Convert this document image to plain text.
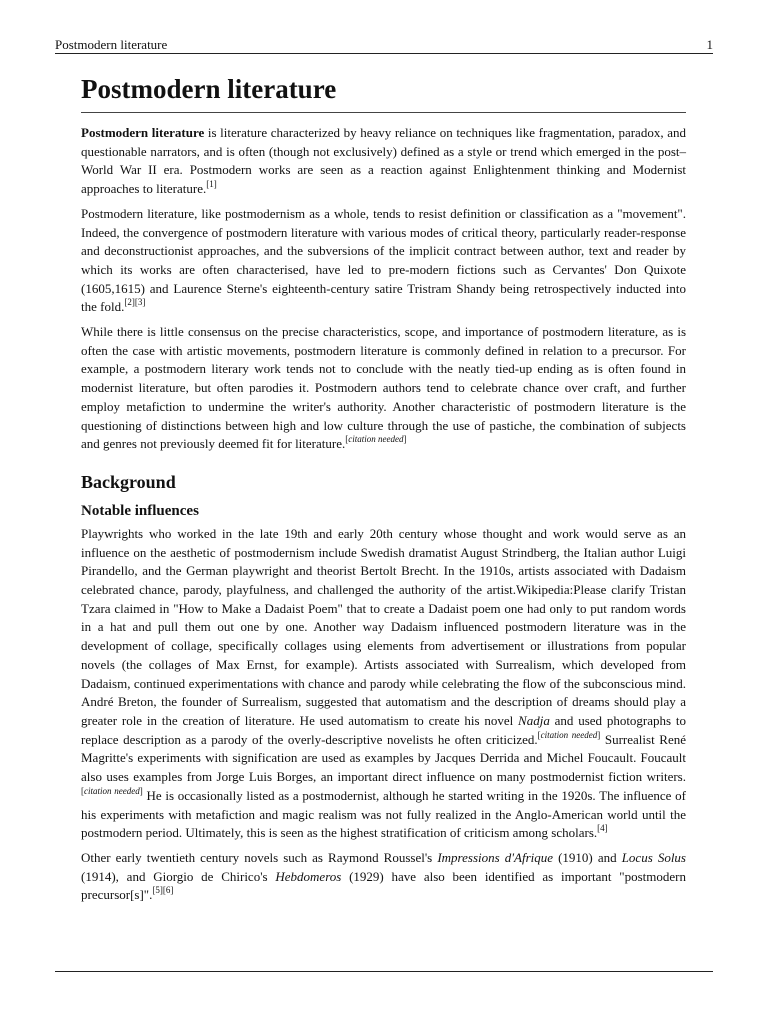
Postmodern literature	1
Postmodern literature

Postmodern literature is literature characterized by heavy reliance on techniques like fragmentation, paradox, and questionable narrators, and is often (though not exclusively) defined as a style or trend which emerged in the post–World War II era. Postmodern works are seen as a reaction against Enlightenment thinking and Modernist approaches to literature.[1]

Postmodern literature, like postmodernism as a whole, tends to resist definition or classification as a "movement". Indeed, the convergence of postmodern literature with various modes of critical theory, particularly reader-response and deconstructionist approaches, and the subversions of the implicit contract between author, text and reader by which its works are often characterised, have led to pre-modern fictions such as Cervantes' Don Quixote (1605,1615) and Laurence Sterne's eighteenth-century satire Tristram Shandy being retrospectively inducted into the fold.[2][3]

While there is little consensus on the precise characteristics, scope, and importance of postmodern literature, as is often the case with artistic movements, postmodern literature is commonly defined in relation to a precursor. For example, a postmodern literary work tends not to conclude with the neatly tied-up ending as is often found in modernist literature, but often parodies it. Postmodern authors tend to celebrate chance over craft, and further employ metafiction to undermine the writer's authority. Another characteristic of postmodern literature is the questioning of distinctions between high and low culture through the use of pastiche, the combination of subjects and genres not previously deemed fit for literature.[citation needed]

Background
Notable influences

Playwrights who worked in the late 19th and early 20th century whose thought and work would serve as an influence on the aesthetic of postmodernism include Swedish dramatist August Strindberg, the Italian author Luigi Pirandello, and the German playwright and theorist Bertolt Brecht. In the 1910s, artists associated with Dadaism celebrated chance, parody, playfulness, and challenged the authority of the artist.Wikipedia:Please clarify Tristan Tzara claimed in "How to Make a Dadaist Poem" that to create a Dadaist poem one had only to put random words in a hat and pull them out one by one. Another way Dadaism influenced postmodern literature was in the development of collage, specifically collages using elements from advertisement or illustrations from popular novels (the collages of Max Ernst, for example). Artists associated with Surrealism, which developed from Dadaism, continued experimentations with chance and parody while celebrating the flow of the subconscious mind. André Breton, the founder of Surrealism, suggested that automatism and the description of dreams should play a greater role in the creation of literature. He used automatism to create his novel Nadja and used photographs to replace description as a parody of the overly-descriptive novelists he often criticized.[citation needed] Surrealist René Magritte's experiments with signification are used as examples by Jacques Derrida and Michel Foucault. Foucault also uses examples from Jorge Luis Borges, an important direct influence on many postmodernist fiction writers. [citation needed] He is occasionally listed as a postmodernist, although he started writing in the 1920s. The influence of his experiments with metafiction and magic realism was not fully realized in the Anglo-American world until the postmodern period. Ultimately, this is seen as the highest stratification of criticism among scholars.[4]

Other early twentieth century novels such as Raymond Roussel's Impressions d'Afrique (1910) and Locus Solus (1914), and Giorgio de Chirico's Hebdomeros (1929) have also been identified as important "postmodern precursor[s]".[5][6]
